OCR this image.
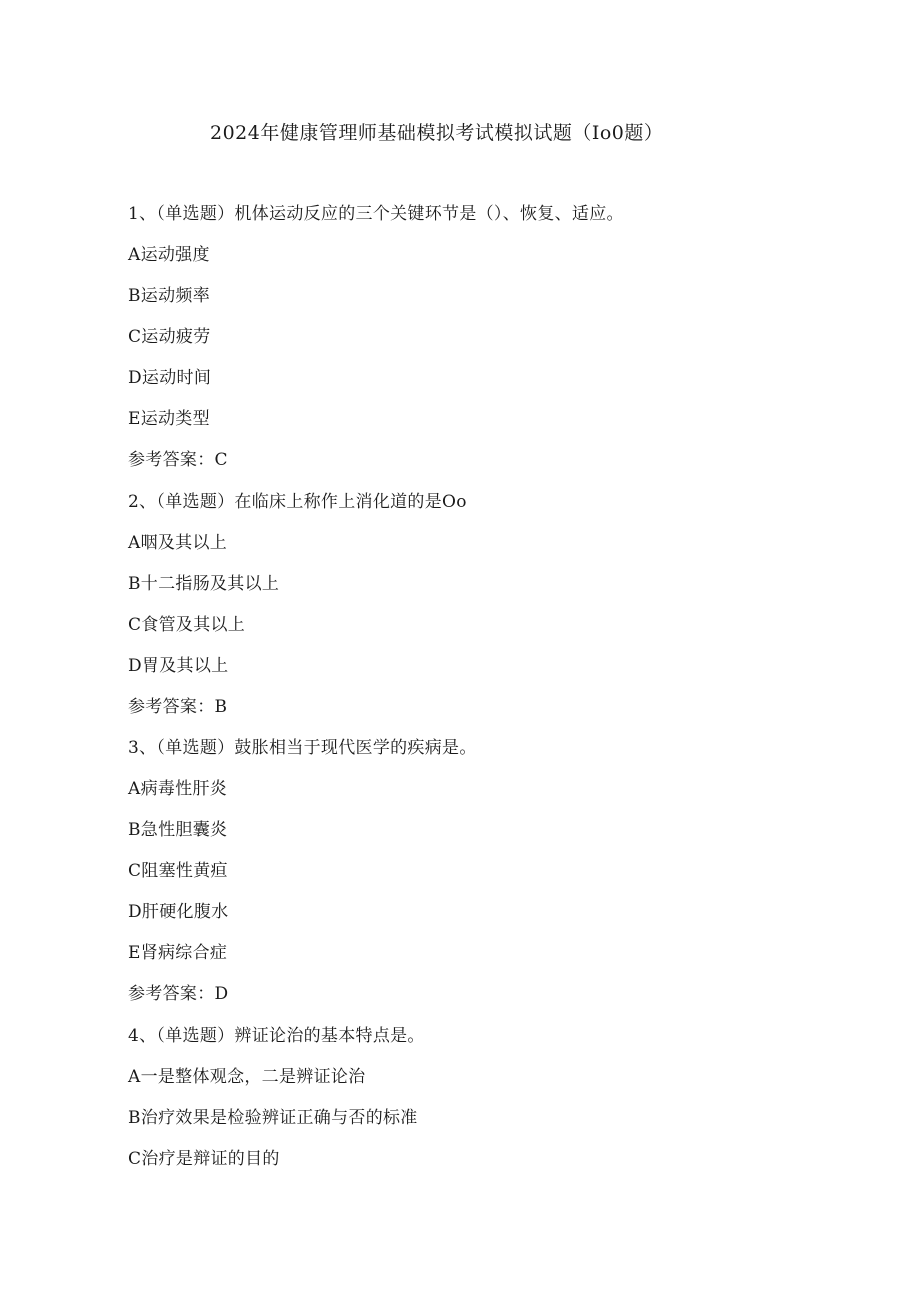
2024年健康管理师基础模拟考试模拟试题（Io0题）
1、（单选题）机体运动反应的三个关键环节是（）、恢复、适应。
A运动强度
B运动频率
C运动疲劳
D运动时间
E运动类型
参考答案：C
2、（单选题）在临床上称作上消化道的是Oo
A咽及其以上
B十二指肠及其以上
C食管及其以上
D胃及其以上
参考答案：B
3、（单选题）鼓胀相当于现代医学的疾病是。
A病毒性肝炎
B急性胆囊炎
C阻塞性黄疸
D肝硬化腹水
E肾病综合症
参考答案：D
4、（单选题）辨证论治的基本特点是。
A一是整体观念，二是辨证论治
B治疗效果是检验辨证正确与否的标准
C治疗是辩证的目的
